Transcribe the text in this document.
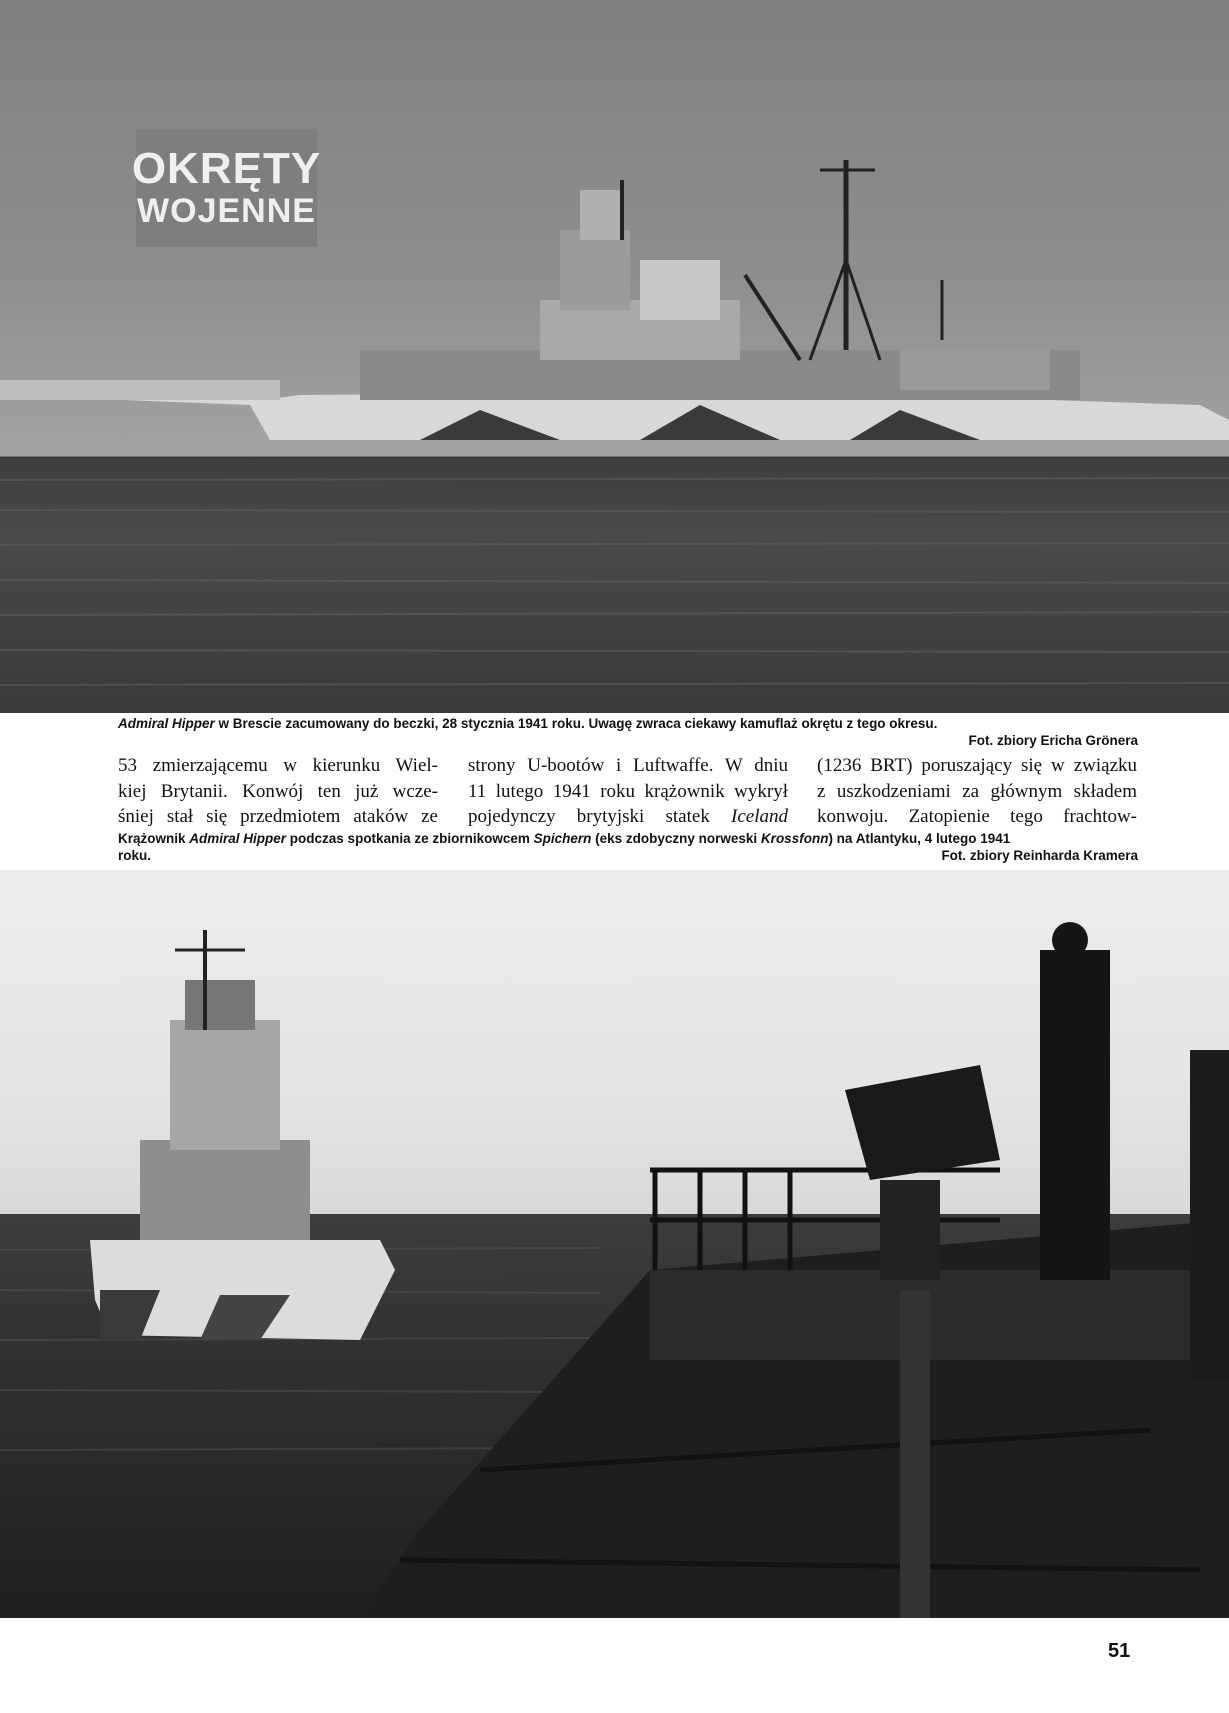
OKRĘTY
WOJENNE
Admiral Hipper w Brescie zacumowany do beczki, 28 stycznia 1941 roku. Uwagę zwraca ciekawy kamuflaż okrętu z tego okresu.
Fot. zbiory Ericha Grönera
53 zmierzającemu w kierunku Wiel-
kiej Brytanii. Konwój ten już wcze-
śniej stał się przedmiotem ataków ze
strony U-bootów i Luftwaffe. W dniu
11 lutego 1941 roku krążownik wykrył
pojedynczy brytyjski statek Iceland
(1236 BRT) poruszający się w związku
z uszkodzeniami za głównym składem
konwoju. Zatopienie tego frachtow-
Krążownik Admiral Hipper podczas spotkania ze zbiornikowcem Spichern (eks zdobyczny norweski Krossfonn) na Atlantyku, 4 lutego 1941
roku.	Fot. zbiory Reinharda Kramera
51
